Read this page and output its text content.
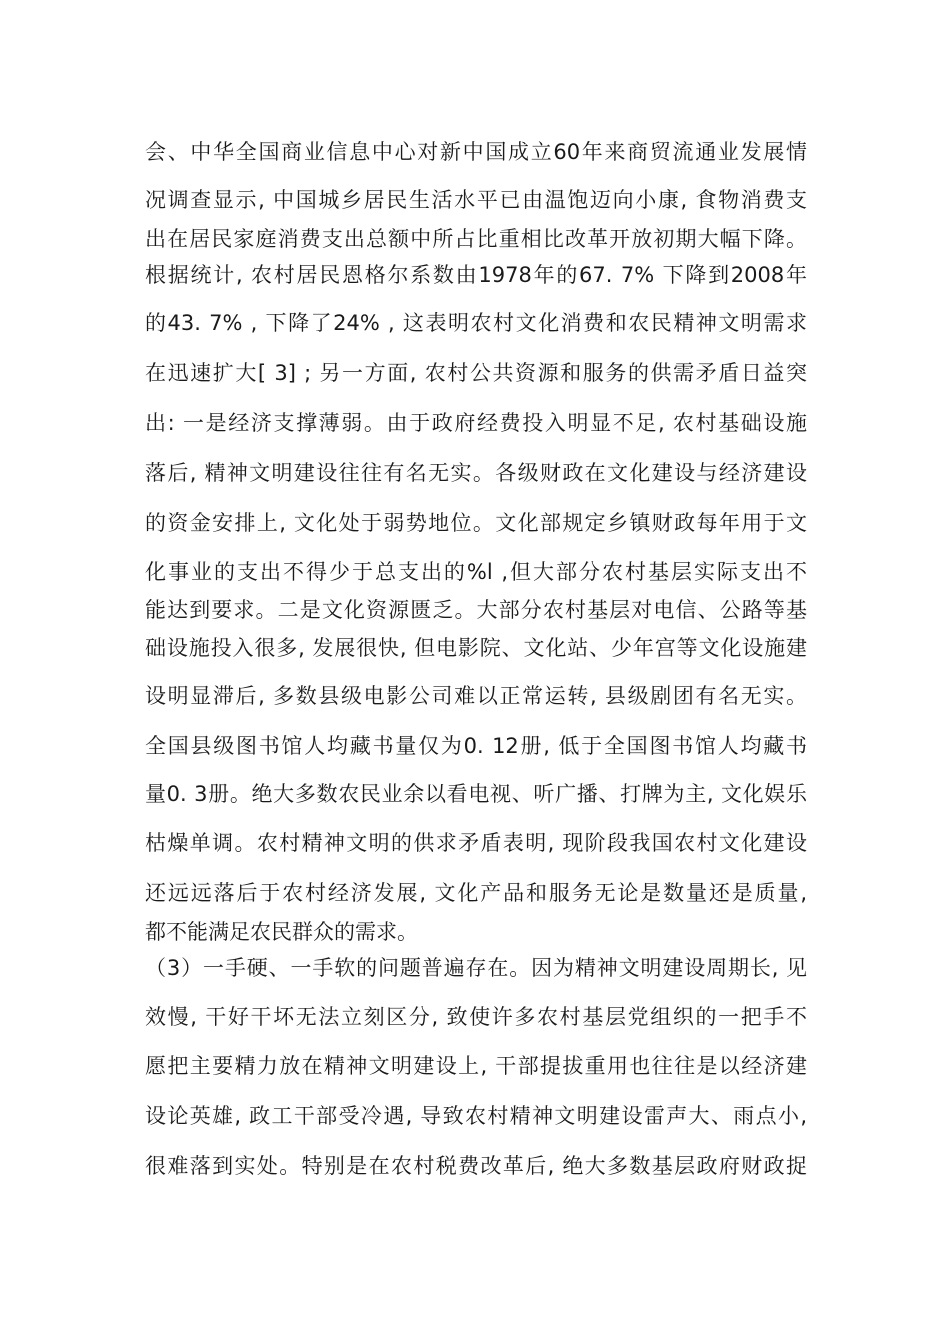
会、中华全国商业信息中心对新中国成立60年来商贸流通业发展情
况调查显示, 中国城乡居民生活水平已由温饱迈向小康, 食物消费支
出在居民家庭消费支出总额中所占比重相比改革开放初期大幅下降。
根据统计, 农村居民恩格尔系数由1978年的67. 7% 下降到2008年
的43. 7% , 下降了24% , 这表明农村文化消费和农民精神文明需求
在迅速扩大[ 3] ; 另一方面, 农村公共资源和服务的供需矛盾日益突
出: 一是经济支撑薄弱。由于政府经费投入明显不足, 农村基础设施
落后, 精神文明建设往往有名无实。各级财政在文化建设与经济建设
的资金安排上, 文化处于弱势地位。文化部规定乡镇财政每年用于文
化事业的支出不得少于总支出的%l ,但大部分农村基层实际支出不
能达到要求。二是文化资源匮乏。大部分农村基层对电信、公路等基
础设施投入很多, 发展很快, 但电影院、文化站、少年宫等文化设施建
设明显滞后, 多数县级电影公司难以正常运转, 县级剧团有名无实。
全国县级图书馆人均藏书量仅为0. 12册, 低于全国图书馆人均藏书
量0. 3册。绝大多数农民业余以看电视、听广播、打牌为主, 文化娱乐
枯燥单调。农村精神文明的供求矛盾表明, 现阶段我国农村文化建设
还远远落后于农村经济发展, 文化产品和服务无论是数量还是质量,
都不能满足农民群众的需求。
（3）一手硬、一手软的问题普遍存在。因为精神文明建设周期长, 见
效慢, 干好干坏无法立刻区分, 致使许多农村基层党组织的一把手不
愿把主要精力放在精神文明建设上, 干部提拔重用也往往是以经济建
设论英雄, 政工干部受冷遇, 导致农村精神文明建设雷声大、雨点小,
很难落到实处。特别是在农村税费改革后, 绝大多数基层政府财政捉
